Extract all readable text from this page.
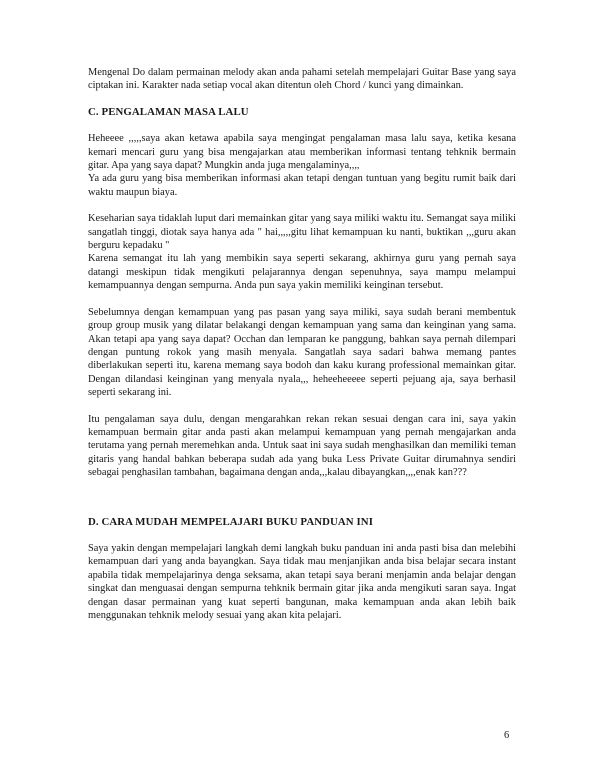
Mengenal Do dalam permainan melody akan anda pahami setelah mempelajari Guitar Base yang saya ciptakan ini. Karakter nada setiap vocal akan ditentun oleh Chord / kunci yang dimainkan.

C. PENGALAMAN MASA LALU

Heheeee ,,,,,saya akan ketawa apabila saya mengingat pengalaman masa lalu saya, ketika kesana kemari mencari guru yang bisa mengajarkan atau memberikan informasi tentang tehknik bermain gitar. Apa yang saya dapat? Mungkin anda juga mengalaminya,,,,

Ya ada guru yang bisa memberikan informasi akan tetapi dengan tuntuan yang begitu rumit baik dari waktu maupun biaya.

Keseharian saya tidaklah luput dari memainkan gitar yang saya miliki waktu itu. Semangat saya miliki sangatlah tinggi, diotak saya hanya ada " hai,,,,,gitu lihat kemampuan ku nanti, buktikan ,,,guru akan berguru kepadaku "

Karena semangat itu lah yang membikin saya seperti sekarang, akhirnya guru yang pernah saya datangi meskipun tidak mengikuti pelajarannya dengan sepenuhnya, saya mampu melampui kemampuannya dengan sempurna. Anda pun saya yakin memiliki keinginan tersebut.

Sebelumnya dengan kemampuan yang pas pasan yang saya miliki, saya sudah berani membentuk group group musik yang dilatar belakangi dengan kemampuan yang sama dan keinginan yang sama. Akan tetapi apa yang saya dapat? Occhan dan lemparan ke panggung, bahkan saya pernah dilempari dengan puntung rokok yang masih menyala. Sangatlah saya sadari bahwa memang pantes diberlakukan seperti itu, karena memang saya bodoh dan kaku kurang professional memainkan gitar. Dengan dilandasi keinginan yang menyala nyala,,, heheeheeeee seperti pejuang aja, saya berhasil seperti sekarang ini.

Itu pengalaman saya dulu, dengan mengarahkan rekan rekan sesuai dengan cara ini, saya yakin kemampuan bermain gitar anda pasti akan melampui kemampuan yang pernah mengajarkan anda terutama yang pernah meremehkan anda. Untuk saat ini saya sudah menghasilkan dan memiliki teman gitaris yang handal bahkan beberapa sudah ada yang buka Less Private Guitar dirumahnya sendiri sebagai penghasilan tambahan, bagaimana dengan anda,,,kalau dibayangkan,,,,enak kan???

D. CARA MUDAH MEMPELAJARI BUKU PANDUAN INI

Saya yakin dengan mempelajari langkah demi langkah buku panduan ini anda pasti bisa dan melebihi kemampuan dari yang anda bayangkan. Saya tidak mau menjanjikan anda bisa belajar secara instant apabila tidak mempelajarinya denga seksama, akan tetapi saya berani menjamin anda belajar dengan singkat dan menguasai dengan sempurna tehknik bermain gitar jika anda mengikuti saran saya. Ingat dengan dasar permainan yang kuat seperti bangunan, maka kemampuan anda akan lebih baik menggunakan tehknik melody sesuai yang akan kita pelajari.

6
